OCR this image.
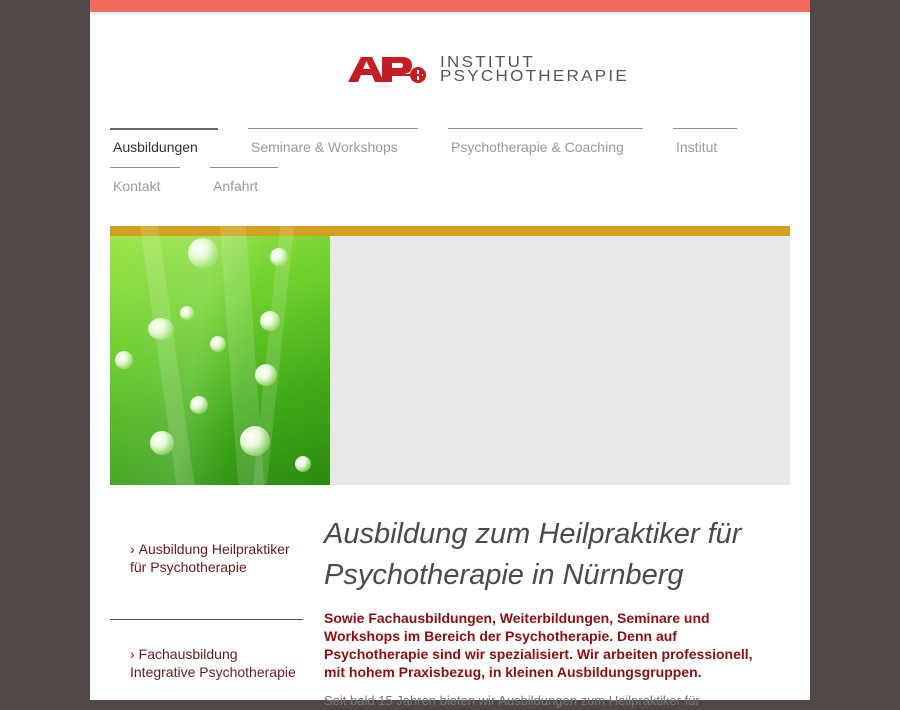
INSTITUT
PSYCHOTHERAPIE
Ausbildungen	Seminare & Workshops	Psychotherapie & Coaching	Institut
Kontakt	Anfahrt
› Ausbildung Heilpraktiker für Psychotherapie
› Fachausbildung Integrative Psychotherapie
Ausbildung zum Heilpraktiker für Psychotherapie in Nürnberg

Sowie Fachausbildungen, Weiterbildungen, Seminare und Workshops im Bereich der Psychotherapie. Denn auf Psychotherapie sind wir spezialisiert. Wir arbeiten professionell, mit hohem Praxisbezug, in kleinen Ausbildungsgruppen.

Seit bald 15 Jahren bieten wir Ausbildungen zum Heilpraktiker für
